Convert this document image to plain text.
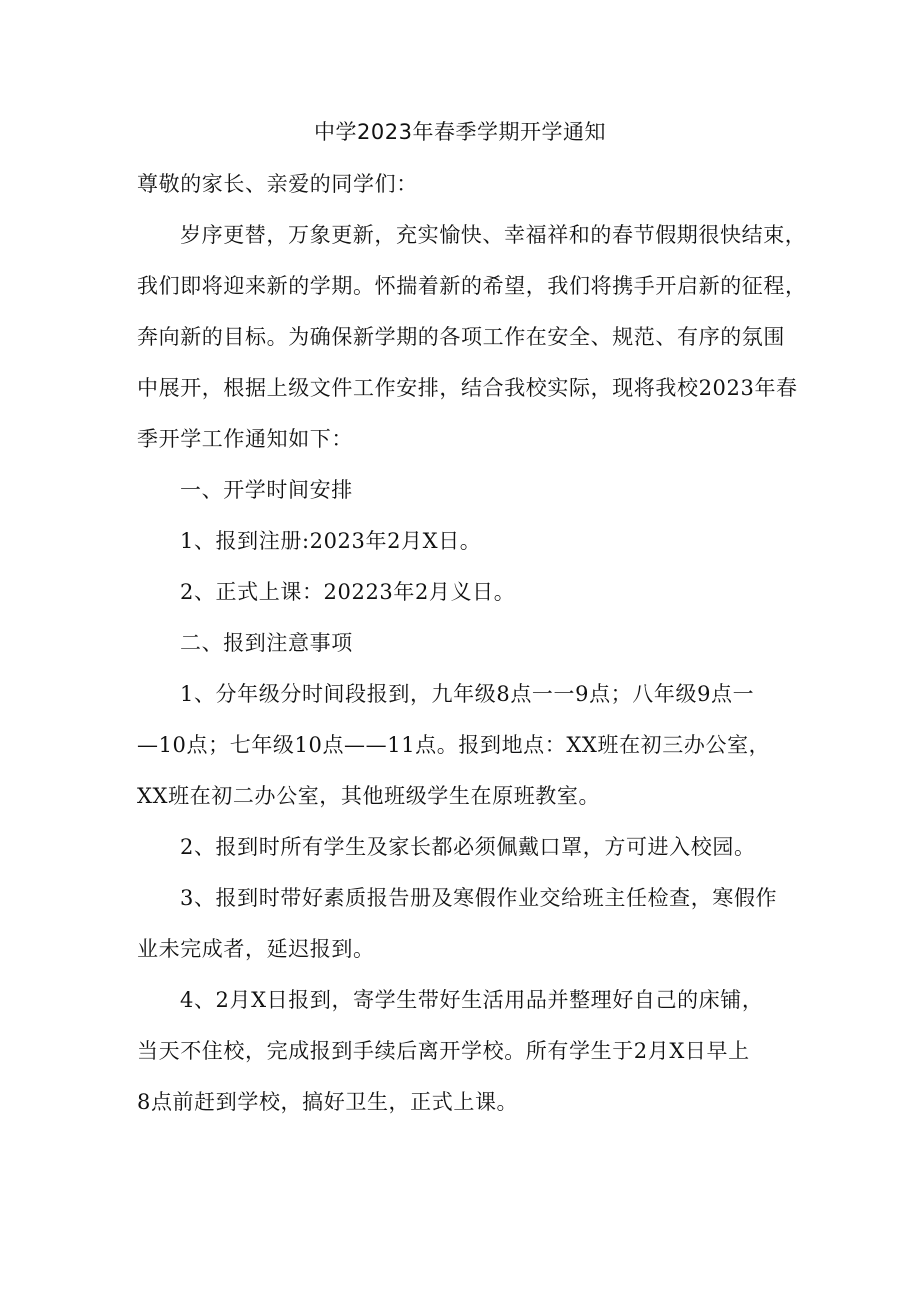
中学2023年春季学期开学通知
尊敬的家长、亲爱的同学们：
岁序更替，万象更新，充实愉快、幸福祥和的春节假期很快结束，
我们即将迎来新的学期。怀揣着新的希望，我们将携手开启新的征程，
奔向新的目标。为确保新学期的各项工作在安全、规范、有序的氛围
中展开，根据上级文件工作安排，结合我校实际，现将我校2023年春
季开学工作通知如下：
一、开学时间安排
1、报到注册:2023年2月X日。
2、正式上课：20223年2月义日。
二、报到注意事项
1、分年级分时间段报到，九年级8点一一9点；八年级9点一
—10点；七年级10点——11点。报到地点：XX班在初三办公室，
XX班在初二办公室，其他班级学生在原班教室。
2、报到时所有学生及家长都必须佩戴口罩，方可进入校园。
3、报到时带好素质报告册及寒假作业交给班主任检查，寒假作
业未完成者，延迟报到。
4、2月X日报到，寄学生带好生活用品并整理好自己的床铺，
当天不住校，完成报到手续后离开学校。所有学生于2月X日早上
8点前赶到学校，搞好卫生，正式上课。
